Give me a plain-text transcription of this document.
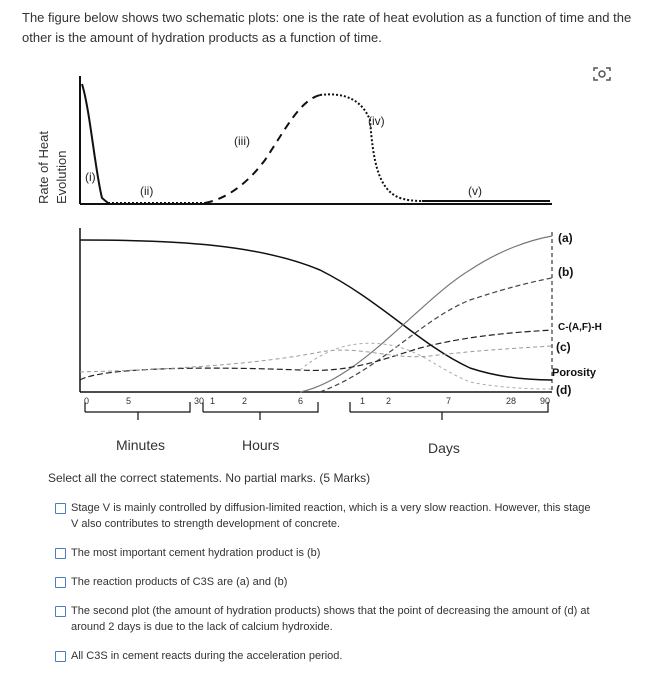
The figure below shows two schematic plots: one is the rate of heat evolution as a function of time and the other is the amount of hydration products as a function of time.
Rate of Heat Evolution (i)
(ii)
(iii)
(iv)
(v)
0	5	30 1	2	6	1 2	7	28	90
Minutes	Hours	Days
(a)
(b)
C-(A,F)-H
(c)
Porosity
(d)
Select all the correct statements. No partial marks. (5 Marks)
Stage V is mainly controlled by diffusion-limited reaction, which is a very slow reaction. However, this stage V also contributes to strength development of concrete.
The most important cement hydration product is (b)
The reaction products of C3S are (a) and (b)
The second plot (the amount of hydration products) shows that the point of decreasing the amount of (d) at around 2 days is due to the lack of calcium hydroxide.
All C3S in cement reacts during the acceleration period.
